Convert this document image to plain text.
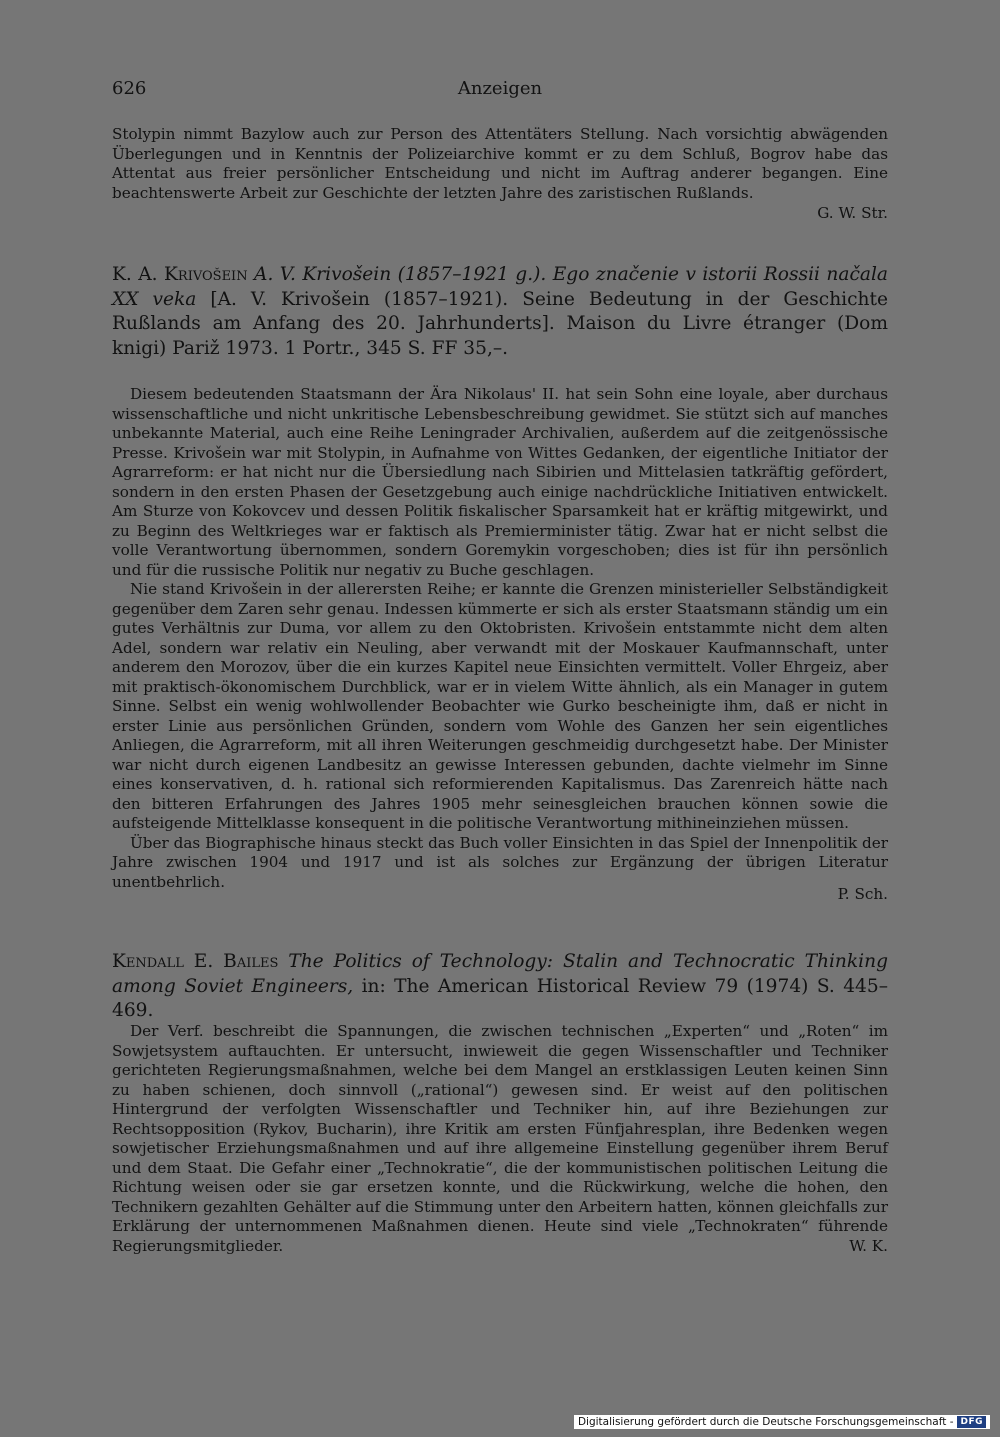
626	Anzeigen

Stolypin nimmt Bazylow auch zur Person des Attentäters Stellung. Nach vorsichtig abwägenden Überlegungen und in Kenntnis der Polizeiarchive kommt er zu dem Schluß, Bogrov habe das Attentat aus freier persönlicher Entscheidung und nicht im Auftrag anderer begangen. Eine beachtenswerte Arbeit zur Geschichte der letzten Jahre des zaristischen Rußlands.

G. W. Str.
K. A. Krivošein A. V. Krivošein (1857–1921 g.). Ego značenie v istorii Rossii načala XX veka [A. V. Krivošein (1857–1921). Seine Bedeutung in der Geschichte Rußlands am Anfang des 20. Jahrhunderts]. Maison du Livre étranger (Dom knigi) Pariž 1973. 1 Portr., 345 S. FF 35,–.

Diesem bedeutenden Staatsmann der Ära Nikolaus' II. hat sein Sohn eine loyale, aber durchaus wissenschaftliche und nicht unkritische Lebensbeschreibung gewidmet. Sie stützt sich auf manches unbekannte Material, auch eine Reihe Leningrader Archivalien, außerdem auf die zeitgenössische Presse. Krivošein war mit Stolypin, in Aufnahme von Wittes Gedanken, der eigentliche Initiator der Agrarreform: er hat nicht nur die Übersiedlung nach Sibirien und Mittelasien tatkräftig gefördert, sondern in den ersten Phasen der Gesetzgebung auch einige nachdrückliche Initiativen entwickelt. Am Sturze von Kokovcev und dessen Politik fiskalischer Sparsamkeit hat er kräftig mitgewirkt, und zu Beginn des Weltkrieges war er faktisch als Premierminister tätig. Zwar hat er nicht selbst die volle Verantwortung übernommen, sondern Goremykin vorgeschoben; dies ist für ihn persönlich und für die russische Politik nur negativ zu Buche geschlagen.

Nie stand Krivošein in der allerersten Reihe; er kannte die Grenzen ministerieller Selbständigkeit gegenüber dem Zaren sehr genau. Indessen kümmerte er sich als erster Staatsmann ständig um ein gutes Verhältnis zur Duma, vor allem zu den Oktobristen. Krivošein entstammte nicht dem alten Adel, sondern war relativ ein Neuling, aber verwandt mit der Moskauer Kaufmannschaft, unter anderem den Morozov, über die ein kurzes Kapitel neue Einsichten vermittelt. Voller Ehrgeiz, aber mit praktisch-ökonomischem Durchblick, war er in vielem Witte ähnlich, als ein Manager in gutem Sinne. Selbst ein wenig wohlwollender Beobachter wie Gurko bescheinigte ihm, daß er nicht in erster Linie aus persönlichen Gründen, sondern vom Wohle des Ganzen her sein eigentliches Anliegen, die Agrarreform, mit all ihren Weiterungen geschmeidig durchgesetzt habe. Der Minister war nicht durch eigenen Landbesitz an gewisse Interessen gebunden, dachte vielmehr im Sinne eines konservativen, d. h. rational sich reformierenden Kapitalismus. Das Zarenreich hätte nach den bitteren Erfahrungen des Jahres 1905 mehr seinesgleichen brauchen können sowie die aufsteigende Mittelklasse konsequent in die politische Verantwortung mithineinziehen müssen.

Über das Biographische hinaus steckt das Buch voller Einsichten in das Spiel der Innenpolitik der Jahre zwischen 1904 und 1917 und ist als solches zur Ergänzung der übrigen Literatur unentbehrlich.

P. Sch.
Kendall E. Bailes The Politics of Technology: Stalin and Technocratic Thinking among Soviet Engineers, in: The American Historical Review 79 (1974) S. 445–469.

Der Verf. beschreibt die Spannungen, die zwischen technischen „Experten“ und „Roten“ im Sowjetsystem auftauchten. Er untersucht, inwieweit die gegen Wissenschaftler und Techniker gerichteten Regierungsmaßnahmen, welche bei dem Mangel an erstklassigen Leuten keinen Sinn zu haben schienen, doch sinnvoll („rational“) gewesen sind. Er weist auf den politischen Hintergrund der verfolgten Wissenschaftler und Techniker hin, auf ihre Beziehungen zur Rechtsopposition (Rykov, Bucharin), ihre Kritik am ersten Fünfjahresplan, ihre Bedenken wegen sowjetischer Erziehungsmaßnahmen und auf ihre allgemeine Einstellung gegenüber ihrem Beruf und dem Staat. Die Gefahr einer „Technokratie“, die der kommunistischen politischen Leitung die Richtung weisen oder sie gar ersetzen konnte, und die Rückwirkung, welche die hohen, den Technikern gezahlten Gehälter auf die Stimmung unter den Arbeitern hatten, können gleichfalls zur Erklärung der unternommenen Maßnahmen dienen. Heute sind viele „Technokraten“ führende Regierungsmitglieder.	W. K.
Digitalisierung gefördert durch die Deutsche Forschungsgemeinschaft - DFG
